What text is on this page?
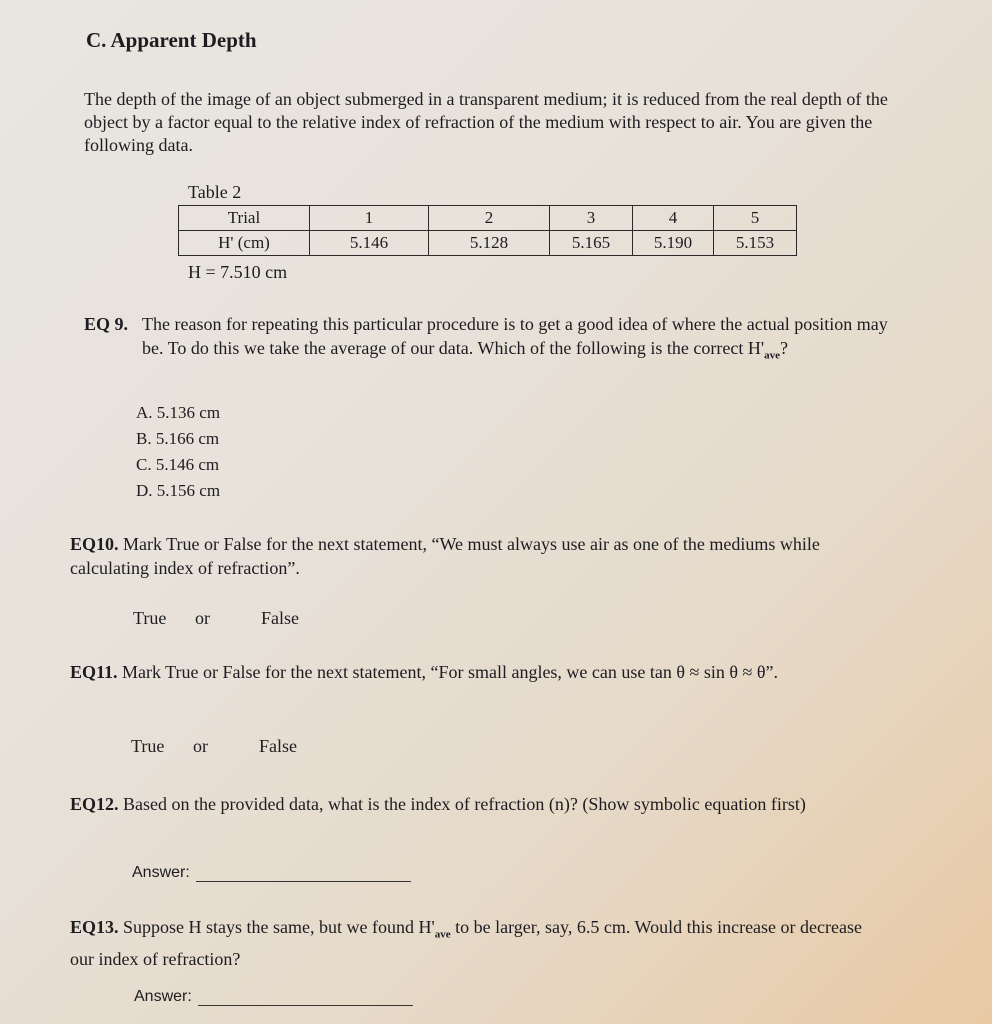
C. Apparent Depth
The depth of the image of an object submerged in a transparent medium; it is reduced from the real depth of the object by a factor equal to the relative index of refraction of the medium with respect to air. You are given the following data.
Table 2
Trial	1	2	3	4	5
H' (cm)	5.146	5.128	5.165	5.190	5.153
H = 7.510 cm
EQ 9. The reason for repeating this particular procedure is to get a good idea of where the actual position may be. To do this we take the average of our data. Which of the following is the correct $H'_{ave}$?
A. 5.136 cm
B. 5.166 cm
C. 5.146 cm
D. 5.156 cm
EQ10. Mark True or False for the next statement, “We must always use air as one of the mediums while calculating index of refraction”.
True or	False
EQ11. Mark True or False for the next statement, “For small angles, we can use tan θ ≈ sin θ ≈ θ”.
True or	False
EQ12. Based on the provided data, what is the index of refraction (n)? (Show symbolic equation first)
Answer:
EQ13. Suppose H stays the same, but we found $H'_{ave}$ to be larger, say, 6.5 cm. Would this increase or decrease our index of refraction?
Answer:
